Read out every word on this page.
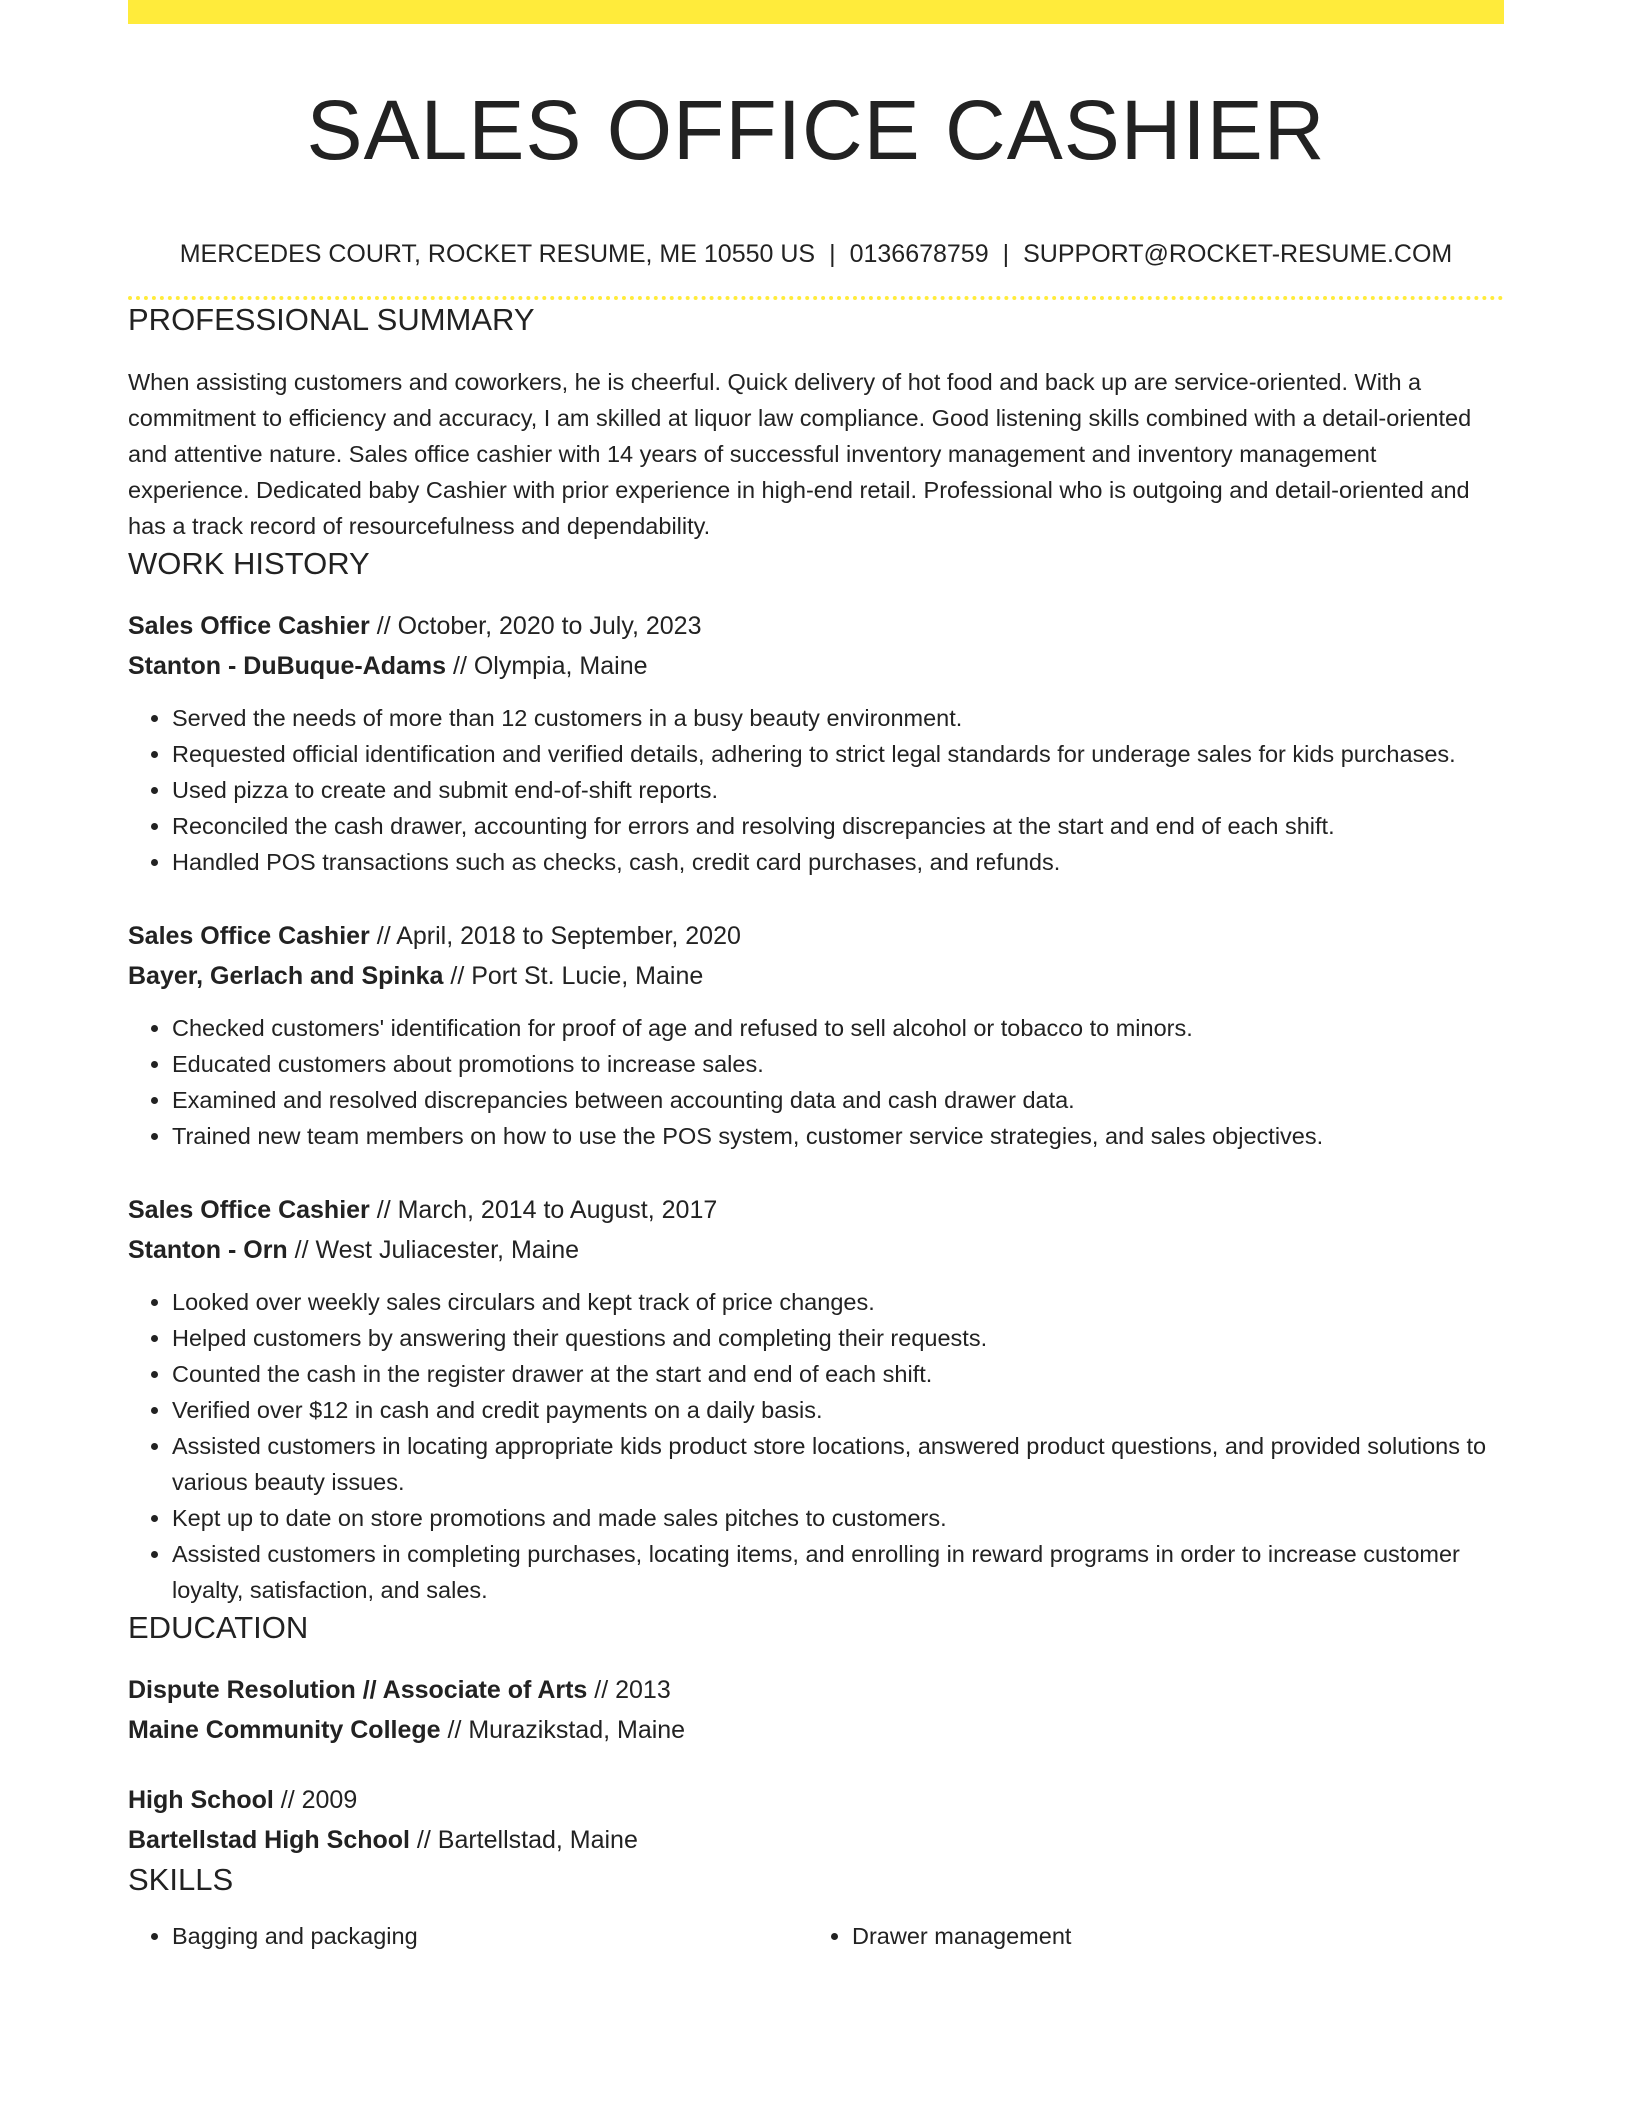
SALES OFFICE CASHIER
MERCEDES COURT, ROCKET RESUME, ME 10550 US | 0136678759 | SUPPORT@ROCKET-RESUME.COM
PROFESSIONAL SUMMARY

When assisting customers and coworkers, he is cheerful. Quick delivery of hot food and back up are service-oriented. With a commitment to efficiency and accuracy, I am skilled at liquor law compliance. Good listening skills combined with a detail-oriented and attentive nature. Sales office cashier with 14 years of successful inventory management and inventory management experience. Dedicated baby Cashier with prior experience in high-end retail. Professional who is outgoing and detail-oriented and has a track record of resourcefulness and dependability.

WORK HISTORY
Sales Office Cashier // October, 2020 to July, 2023
Stanton - DuBuque-Adams // Olympia, Maine
• Served the needs of more than 12 customers in a busy beauty environment.
• Requested official identification and verified details, adhering to strict legal standards for underage sales for kids purchases.
• Used pizza to create and submit end-of-shift reports.
• Reconciled the cash drawer, accounting for errors and resolving discrepancies at the start and end of each shift.
• Handled POS transactions such as checks, cash, credit card purchases, and refunds.
Sales Office Cashier // April, 2018 to September, 2020
Bayer, Gerlach and Spinka // Port St. Lucie, Maine
• Checked customers' identification for proof of age and refused to sell alcohol or tobacco to minors.
• Educated customers about promotions to increase sales.
• Examined and resolved discrepancies between accounting data and cash drawer data.
• Trained new team members on how to use the POS system, customer service strategies, and sales objectives.
Sales Office Cashier // March, 2014 to August, 2017
Stanton - Orn // West Juliacester, Maine
• Looked over weekly sales circulars and kept track of price changes.
• Helped customers by answering their questions and completing their requests.
• Counted the cash in the register drawer at the start and end of each shift.
• Verified over $12 in cash and credit payments on a daily basis.
• Assisted customers in locating appropriate kids product store locations, answered product questions, and provided solutions to various beauty issues.
• Kept up to date on store promotions and made sales pitches to customers.
• Assisted customers in completing purchases, locating items, and enrolling in reward programs in order to increase customer loyalty, satisfaction, and sales.
EDUCATION
Dispute Resolution // Associate of Arts // 2013
Maine Community College // Murazikstad, Maine
High School // 2009
Bartellstad High School // Bartellstad, Maine
SKILLS
• Bagging and packaging
•	Drawer management
